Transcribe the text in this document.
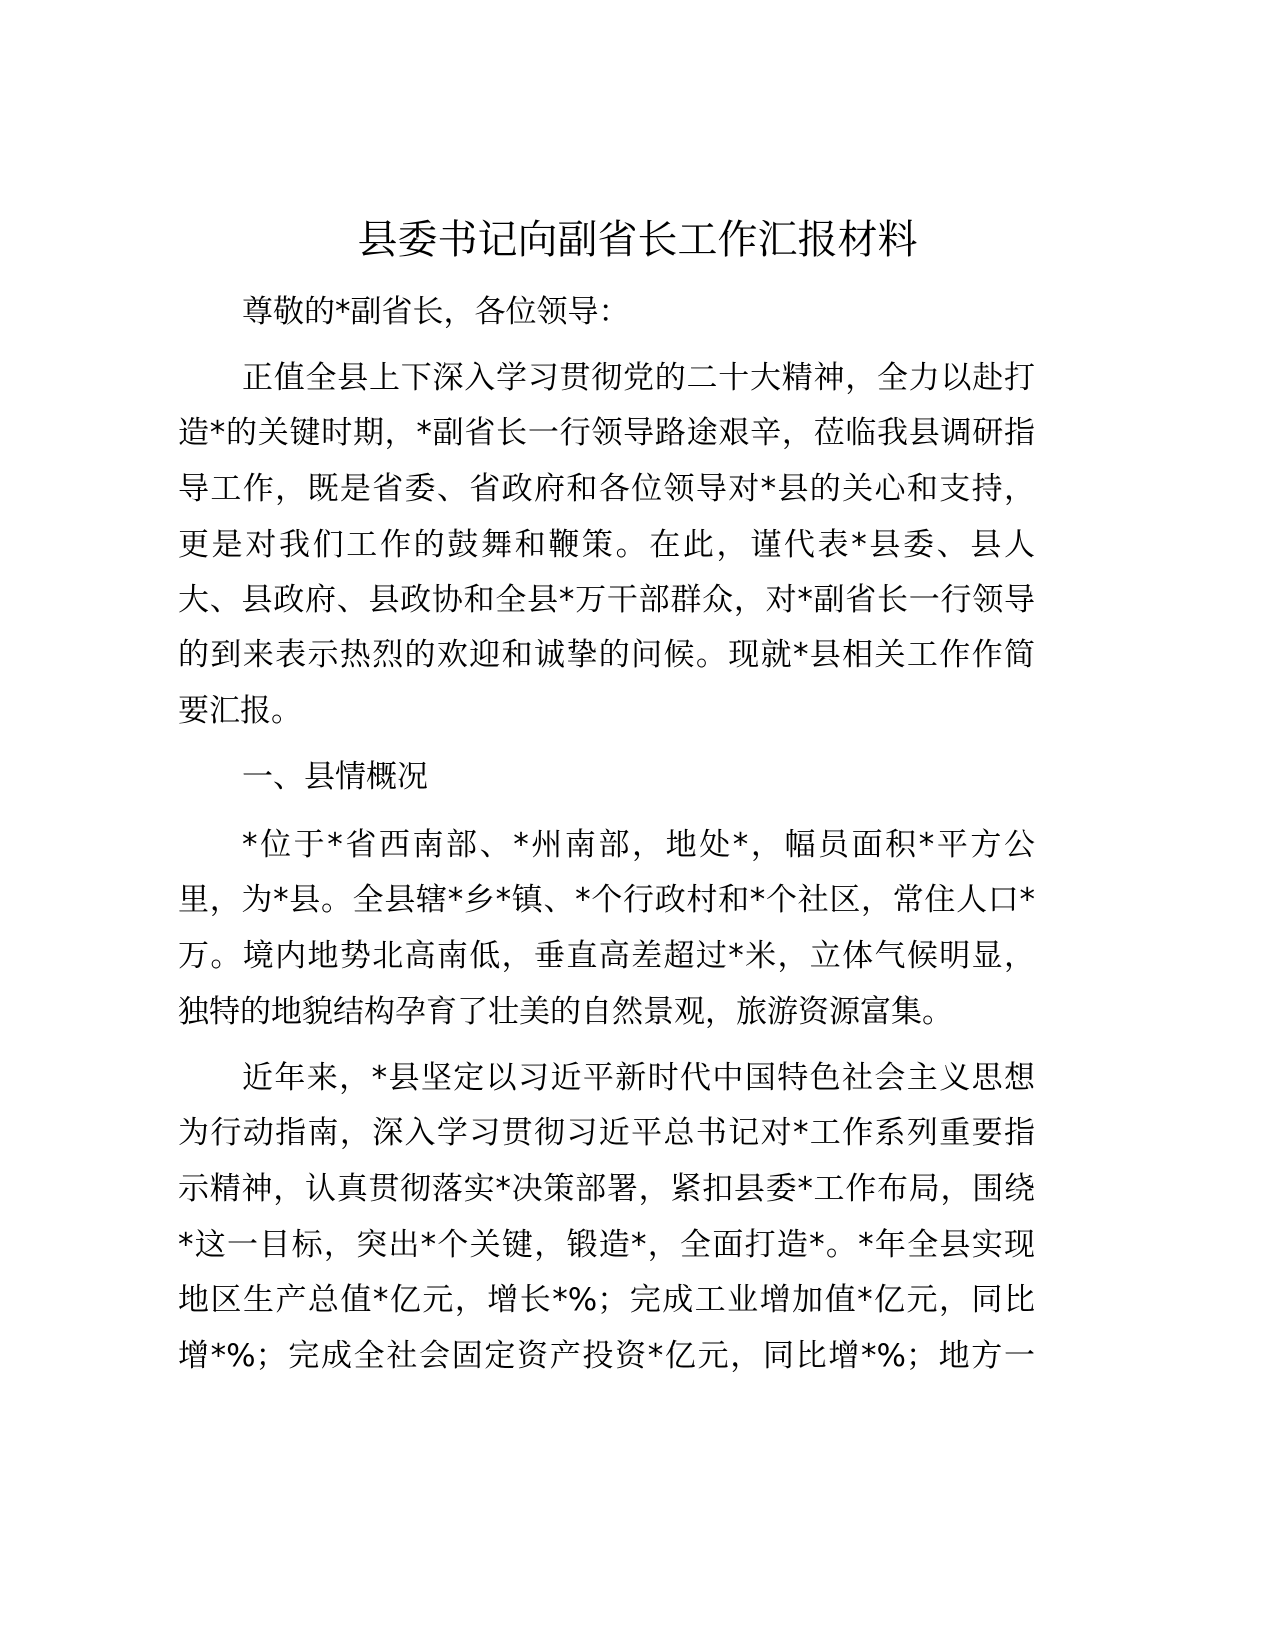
县委书记向副省长工作汇报材料
尊敬的*副省长，各位领导：
正值全县上下深入学习贯彻党的二十大精神，全力以赴打
造*的关键时期，*副省长一行领导路途艰辛，莅临我县调研指
导工作，既是省委、省政府和各位领导对*县的关心和支持，
更是对我们工作的鼓舞和鞭策。在此，谨代表*县委、县人
大、县政府、县政协和全县*万干部群众，对*副省长一行领导
的到来表示热烈的欢迎和诚挚的问候。现就*县相关工作作简
要汇报。
一、县情概况
*位于*省西南部、*州南部，地处*，幅员面积*平方公
里，为*县。全县辖*乡*镇、*个行政村和*个社区，常住人口*
万。境内地势北高南低，垂直高差超过*米，立体气候明显，
独特的地貌结构孕育了壮美的自然景观，旅游资源富集。
近年来，*县坚定以习近平新时代中国特色社会主义思想
为行动指南，深入学习贯彻习近平总书记对*工作系列重要指
示精神，认真贯彻落实*决策部署，紧扣县委*工作布局，围绕
*这一目标，突出*个关键，锻造*，全面打造*。*年全县实现
地区生产总值*亿元，增长*%；完成工业增加值*亿元，同比
增*%；完成全社会固定资产投资*亿元，同比增*%；地方一
